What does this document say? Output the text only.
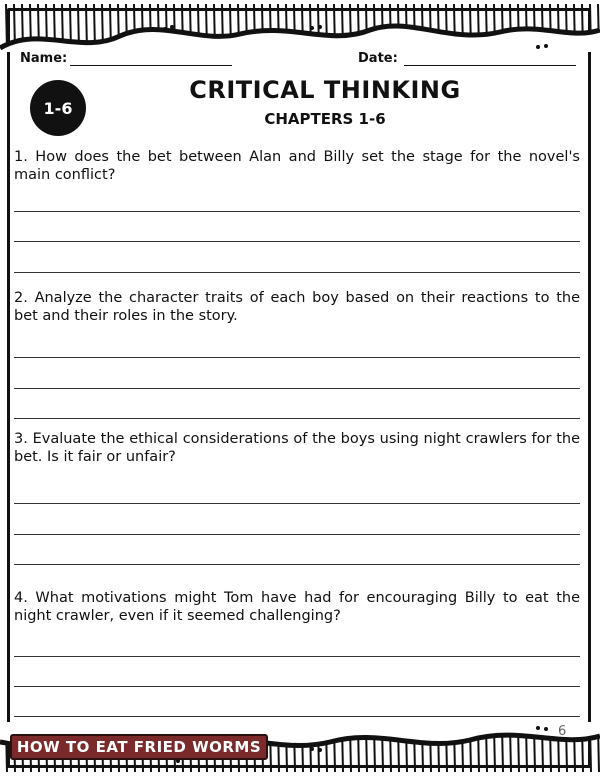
Name:	Date:
1-6
CRITICAL THINKING
CHAPTERS 1-6
1. How does the bet between Alan and Billy set the stage for the novel's main conflict?
2. Analyze the character traits of each boy based on their reactions to the bet and their roles in the story.
3. Evaluate the ethical considerations of the boys using night crawlers for the bet. Is it fair or unfair?
4. What motivations might Tom have had for encouraging Billy to eat the night crawler, even if it seemed challenging?
HOW TO EAT FRIED WORMS
6
